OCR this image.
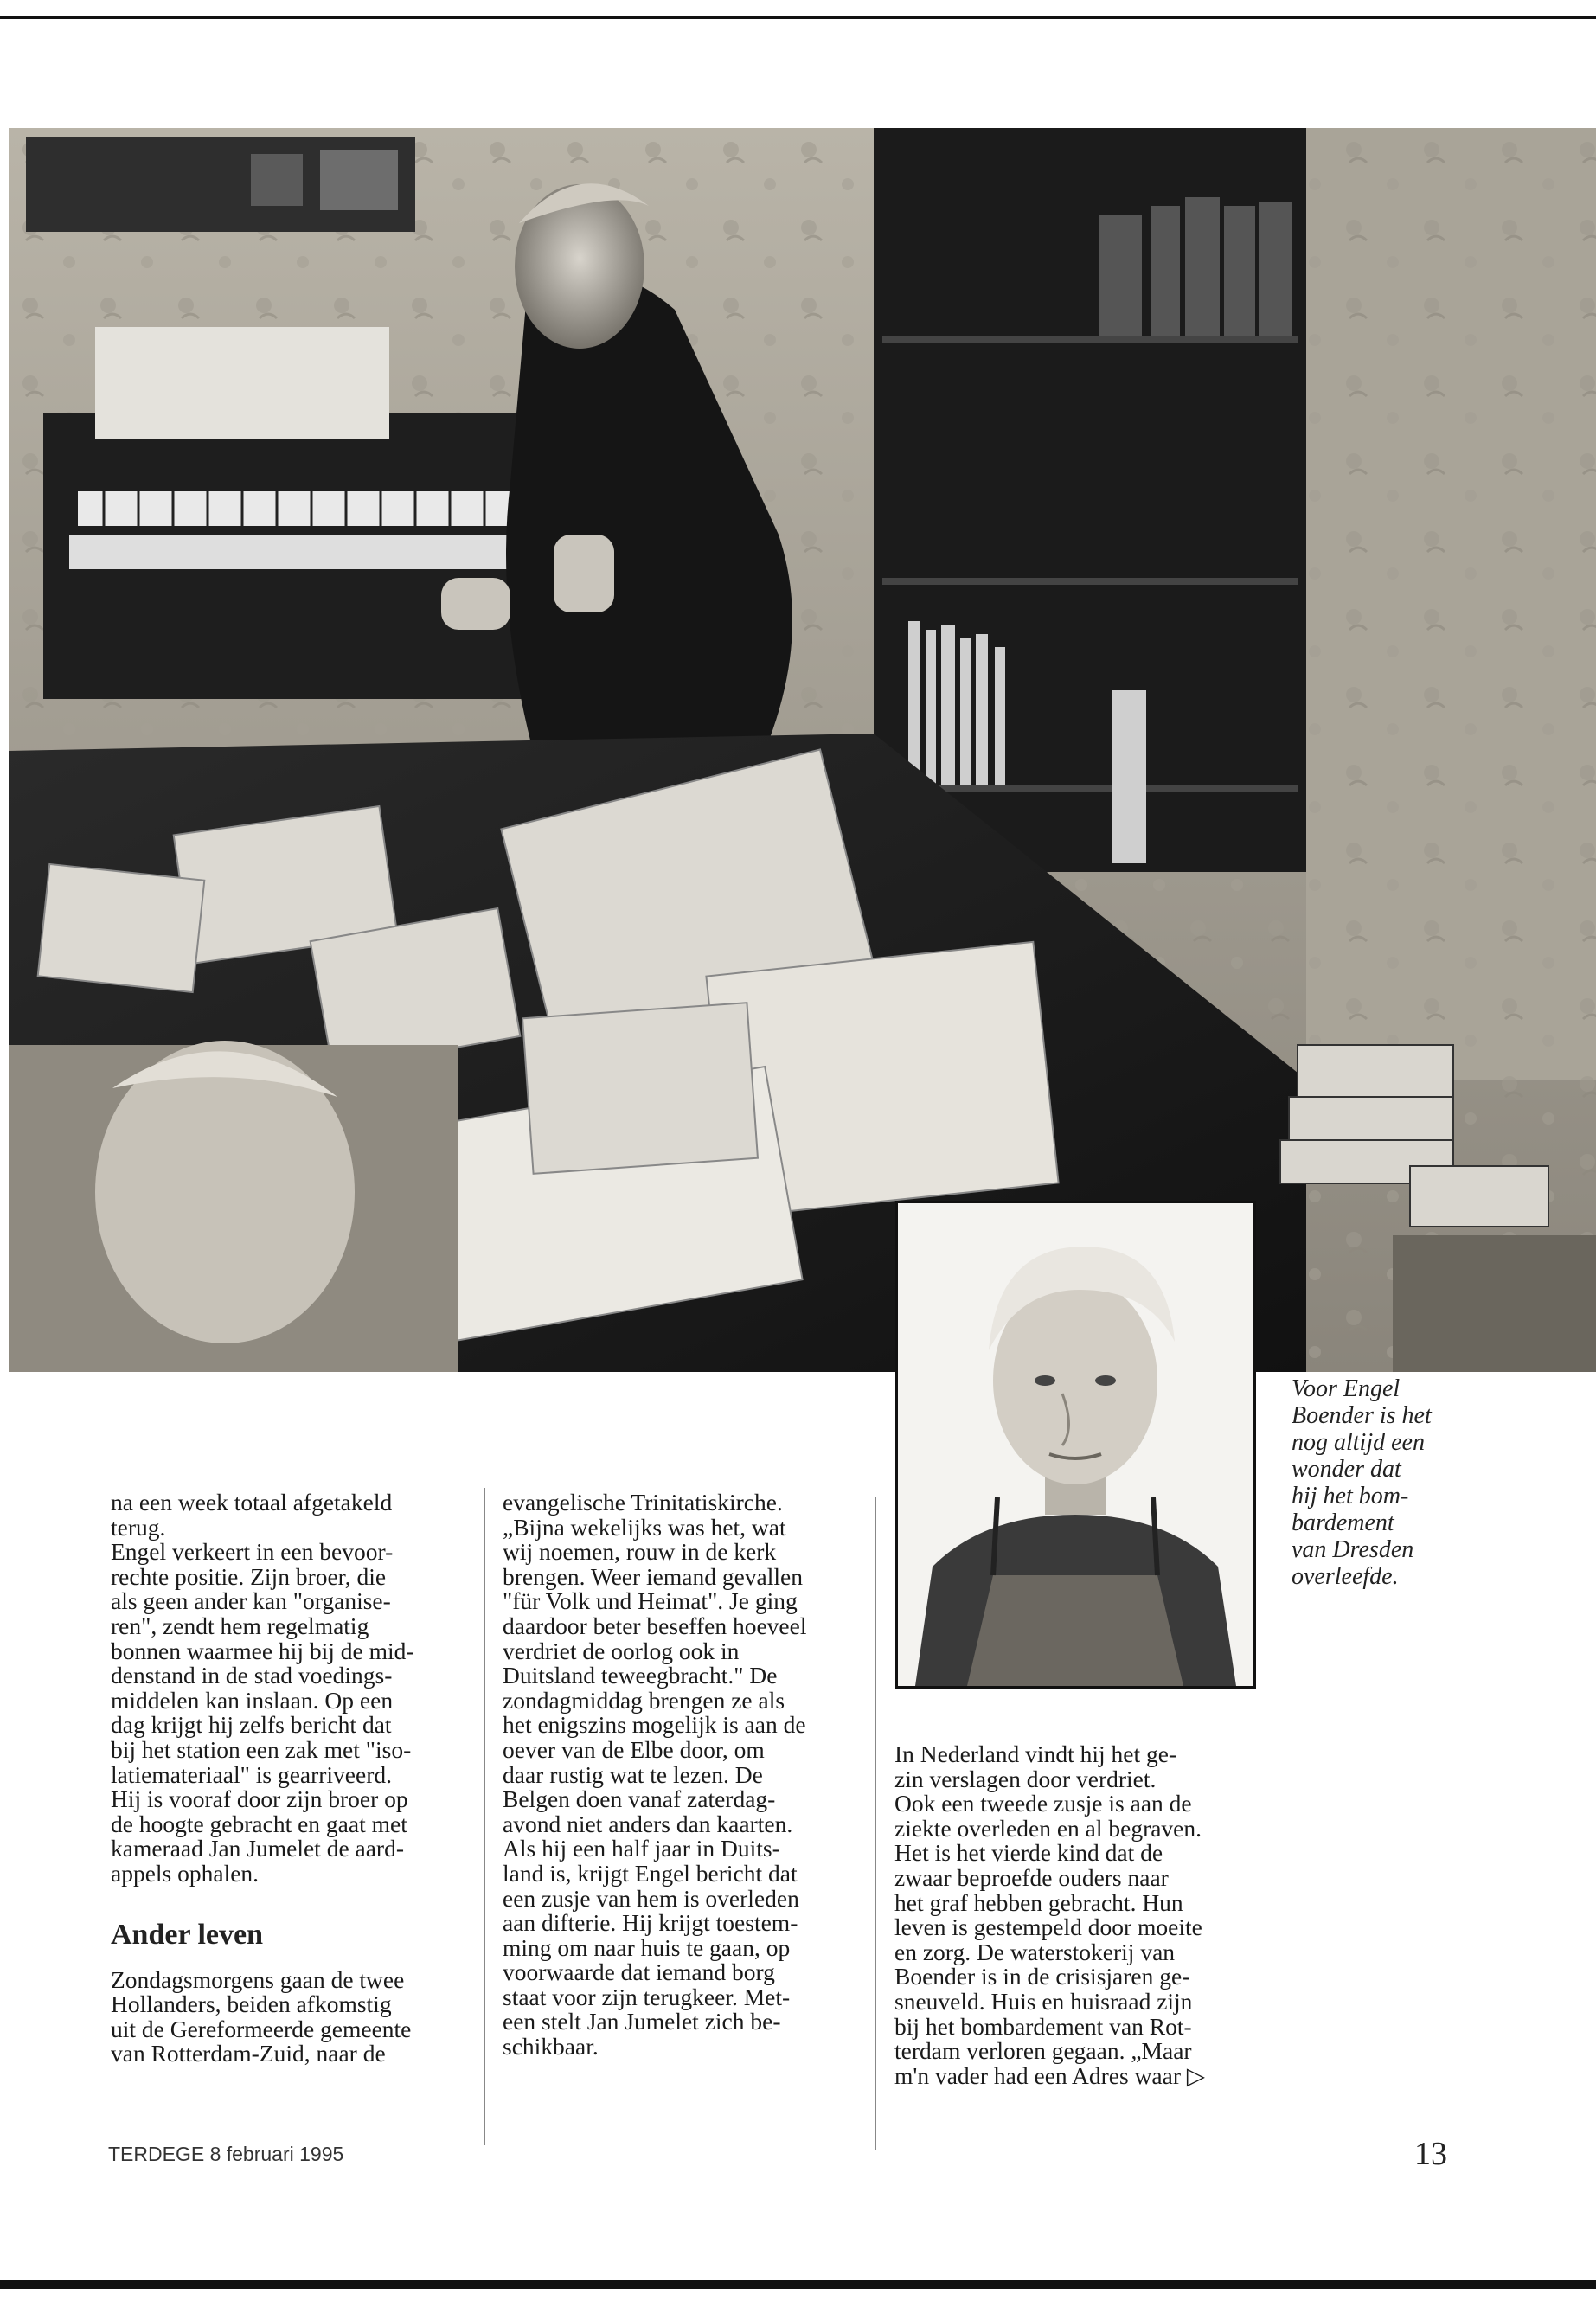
Voor Engel
Boender is het
nog altijd een
wonder dat
hij het bom-
bardement
van Dresden
overleefde.

na een week totaal afgetakeld

terug.

Engel verkeert in een bevoor-

rechte positie. Zijn broer, die

als geen ander kan "organise-

ren", zendt hem regelmatig

bonnen waarmee hij bij de mid-

denstand in de stad voedings-

middelen kan inslaan. Op een

dag krijgt hij zelfs bericht dat

bij het station een zak met "iso-

latiemateriaal" is gearriveerd.

Hij is vooraf door zijn broer op

de hoogte gebracht en gaat met

kameraad Jan Jumelet de aard-

appels ophalen.

Ander leven

Zondagsmorgens gaan de twee

Hollanders, beiden afkomstig

uit de Gereformeerde gemeente

van Rotterdam-Zuid, naar de

evangelische Trinitatiskirche.

„Bijna wekelijks was het, wat

wij noemen, rouw in de kerk

brengen. Weer iemand gevallen

"für Volk und Heimat". Je ging

daardoor beter beseffen hoeveel

verdriet de oorlog ook in

Duitsland teweegbracht." De

zondagmiddag brengen ze als

het enigszins mogelijk is aan de

oever van de Elbe door, om

daar rustig wat te lezen. De

Belgen doen vanaf zaterdag-

avond niet anders dan kaarten.

Als hij een half jaar in Duits-

land is, krijgt Engel bericht dat

een zusje van hem is overleden

aan difterie. Hij krijgt toestem-

ming om naar huis te gaan, op

voorwaarde dat iemand borg

staat voor zijn terugkeer. Met-

een stelt Jan Jumelet zich be-

schikbaar.

In Nederland vindt hij het ge-

zin verslagen door verdriet.

Ook een tweede zusje is aan de

ziekte overleden en al begraven.

Het is het vierde kind dat de

zwaar beproefde ouders naar

het graf hebben gebracht. Hun

leven is gestempeld door moeite

en zorg. De waterstokerij van

Boender is in de crisisjaren ge-

sneuveld. Huis en huisraad zijn

bij het bombardement van Rot-

terdam verloren gegaan. „Maar

m'n vader had een Adres waar ▷

TERDEGE 8 februari 1995	13
